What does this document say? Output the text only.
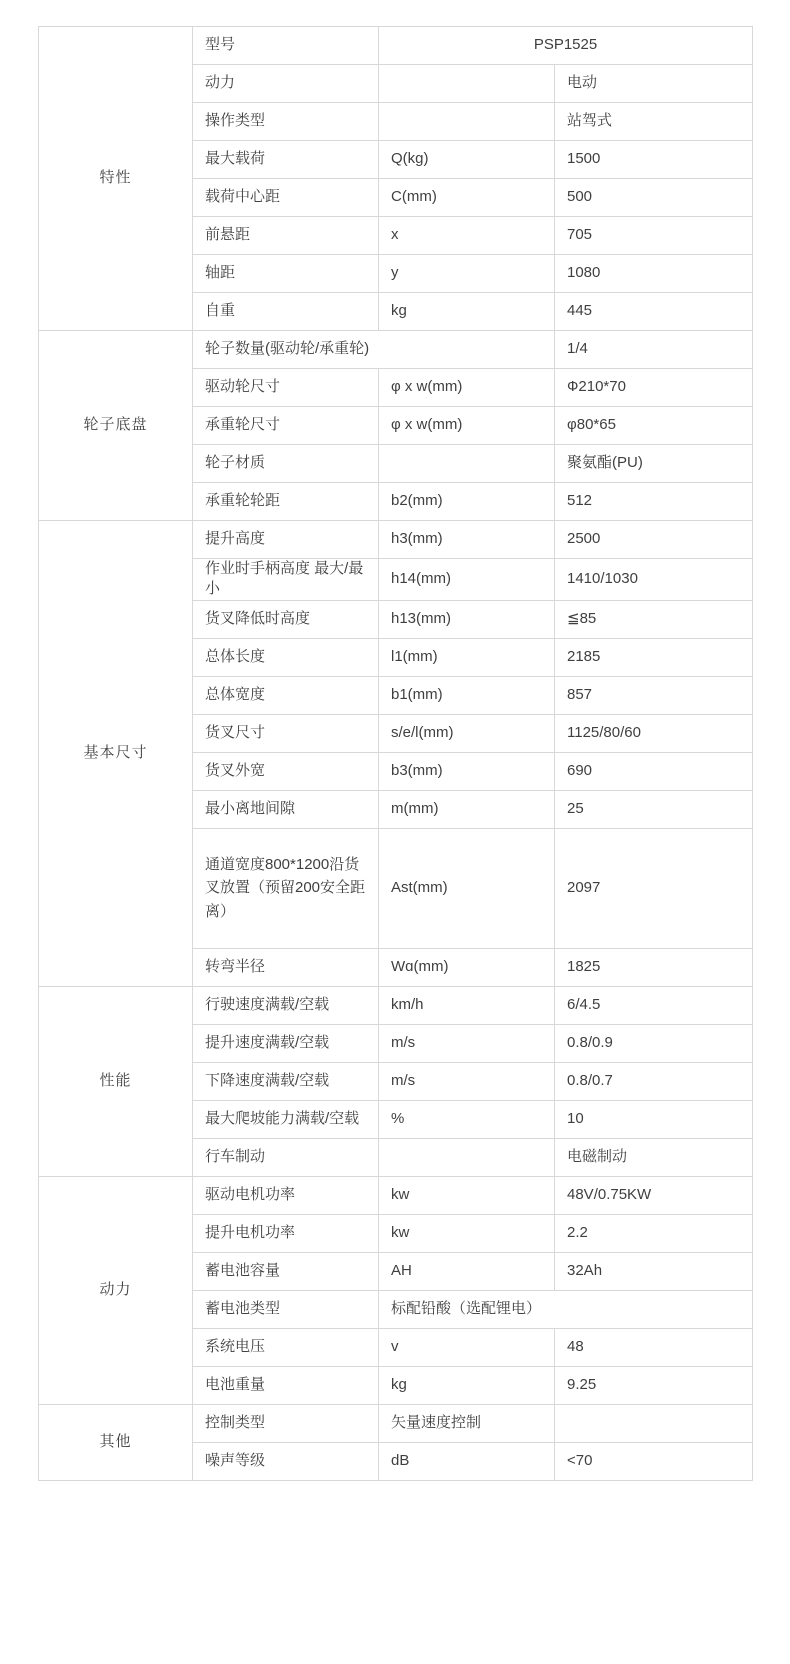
特性	型号	PSP1525	
	动力		电动
	操作类型		站驾式
	最大载荷	Q(kg)	1500
	载荷中心距	C(mm)	500
	前悬距	x	705
	轴距	y	1080
	自重	kg	445
轮子底盘	轮子数量(驱动轮/承重轮)		1/4
	驱动轮尺寸	φ x w(mm)	Ф210*70
	承重轮尺寸	φ x w(mm)	φ80*65
	轮子材质		聚氨酯(PU)
	承重轮轮距	b2(mm)	512
基本尺寸	提升高度	h3(mm)	2500
	作业时手柄高度 最大/最小	h14(mm)	1410/1030
	货叉降低时高度	h13(mm)	≦85
	总体长度	l1(mm)	2185
	总体宽度	b1(mm)	857
	货叉尺寸	s/e/l(mm)	1125/80/60
	货叉外宽	b3(mm)	690
	最小离地间隙	m(mm)	25
	通道宽度800*1200沿货叉放置（预留200安全距离）	Ast(mm)	2097
	转弯半径	Wɑ(mm)	1825
性能	行驶速度满载/空载	km/h	6/4.5
	提升速度满载/空载	m/s	0.8/0.9
	下降速度满载/空载	m/s	0.8/0.7
	最大爬坡能力满载/空载	%	10
	行车制动		电磁制动
动力	驱动电机功率	kw	48V/0.75KW
	提升电机功率	kw	2.2
	蓄电池容量	AH	32Ah
	蓄电池类型	标配铅酸（选配锂电）	
	系统电压	v	48
	电池重量	kg	9.25
其他	控制类型	矢量速度控制	
	噪声等级	dB	<70
